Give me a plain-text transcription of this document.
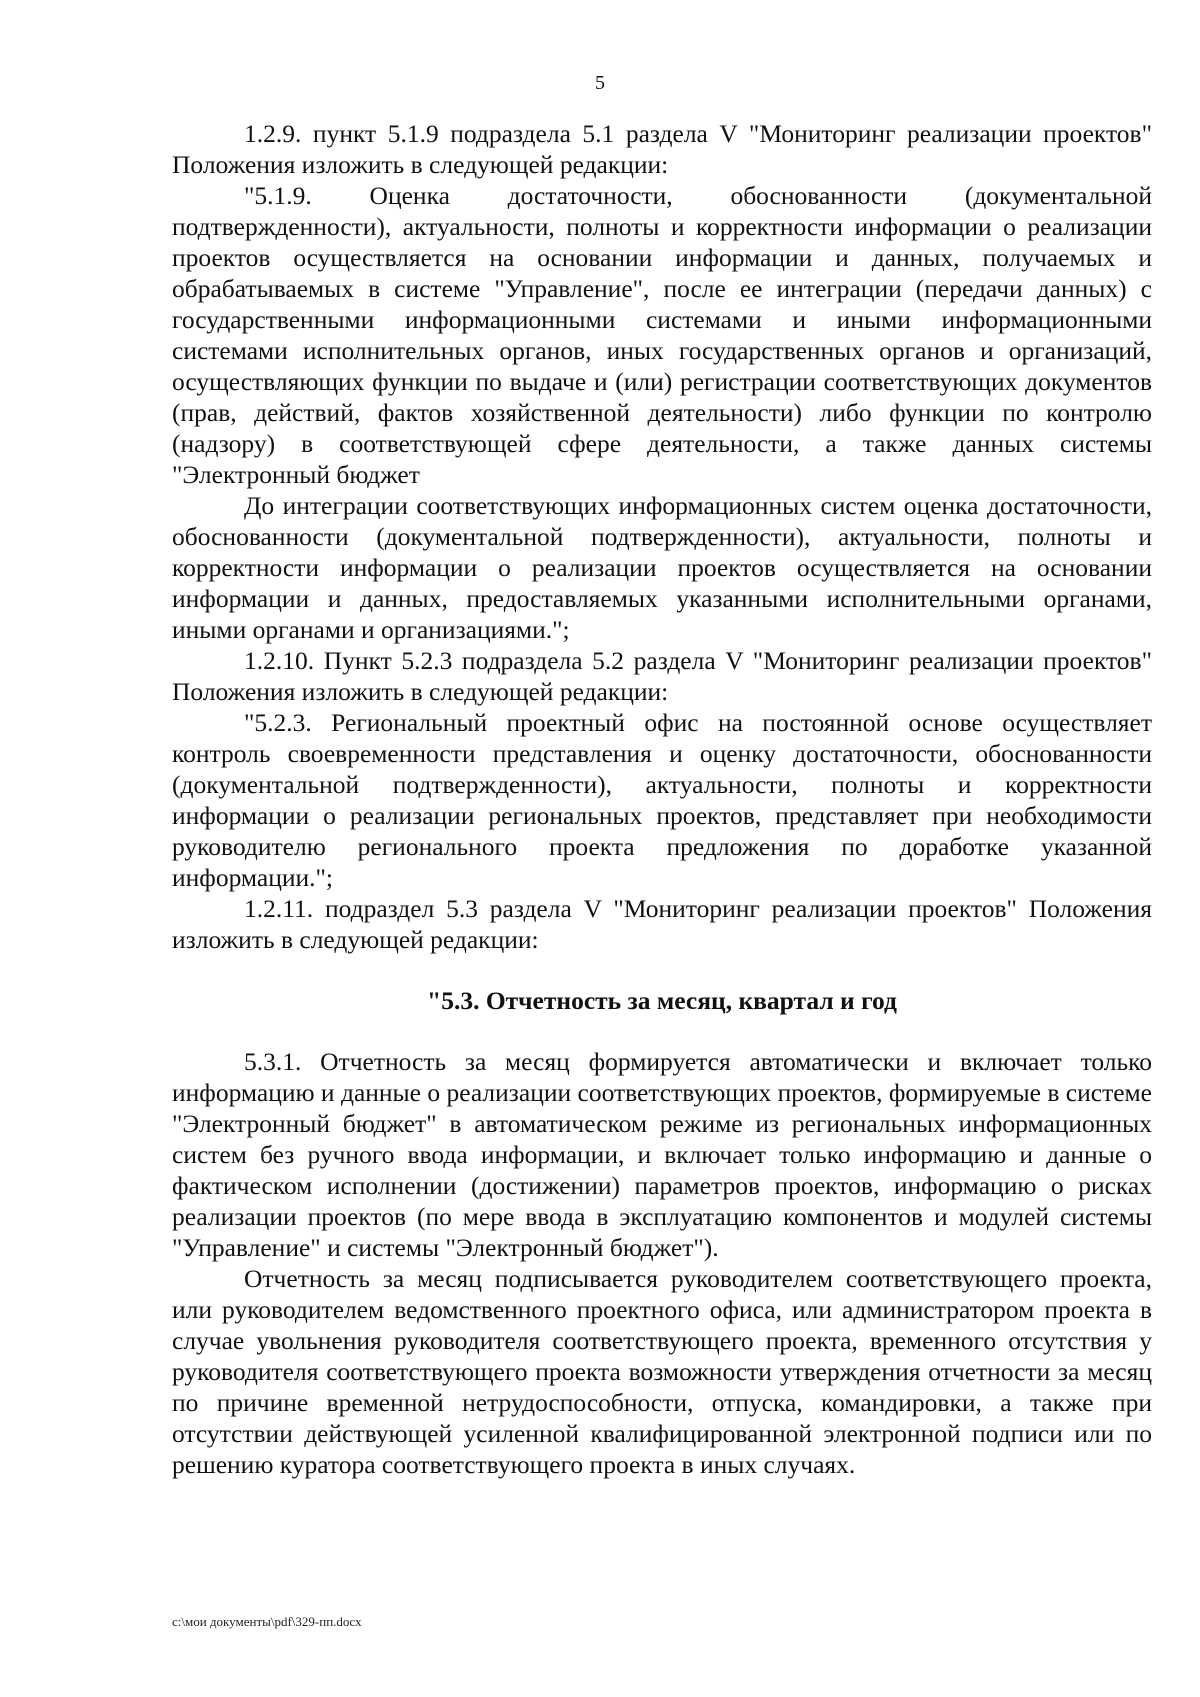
5

1.2.9. пункт 5.1.9 подраздела 5.1 раздела V "Мониторинг реализации проектов" Положения изложить в следующей редакции:

"5.1.9. Оценка достаточности, обоснованности (документальной подтвержденности), актуальности, полноты и корректности информации о реализации проектов осуществляется на основании информации и данных, получаемых и обрабатываемых в системе "Управление", после ее интеграции (передачи данных) с государственными информационными системами и иными информационными системами исполнительных органов, иных государственных органов и организаций, осуществляющих функции по выдаче и (или) регистрации соответствующих документов (прав, действий, фактов хозяйственной деятельности) либо функции по контролю (надзору) в соответствующей сфере деятельности, а также данных системы "Электронный бюджет

До интеграции соответствующих информационных систем оценка достаточности, обоснованности (документальной подтвержденности), актуальности, полноты и корректности информации о реализации проектов осуществляется на основании информации и данных, предоставляемых указанными исполнительными органами, иными органами и организациями.";

1.2.10. Пункт 5.2.3 подраздела 5.2 раздела V "Мониторинг реализации проектов" Положения изложить в следующей редакции:

"5.2.3. Региональный проектный офис на постоянной основе осуществляет контроль своевременности представления и оценку достаточности, обоснованности (документальной подтвержденности), актуальности, полноты и корректности информации о реализации региональных проектов, представляет при необходимости руководителю регионального проекта предложения по доработке указанной информации.";

1.2.11. подраздел 5.3 раздела V "Мониторинг реализации проектов" Положения изложить в следующей редакции:

"5.3. Отчетность за месяц, квартал и год

5.3.1. Отчетность за месяц формируется автоматически и включает только информацию и данные о реализации соответствующих проектов, формируемые в системе "Электронный бюджет" в автоматическом режиме из региональных информационных систем без ручного ввода информации, и включает только информацию и данные о фактическом исполнении (достижении) параметров проектов, информацию о рисках реализации проектов (по мере ввода в эксплуатацию компонентов и модулей системы "Управление" и системы "Электронный бюджет").

Отчетность за месяц подписывается руководителем соответствующего проекта, или руководителем ведомственного проектного офиса, или администратором проекта в случае увольнения руководителя соответствующего проекта, временного отсутствия у руководителя соответствующего проекта возможности утверждения отчетности за месяц по причине временной нетрудоспособности, отпуска, командировки, а также при отсутствии действующей усиленной квалифицированной электронной подписи или по решению куратора соответствующего проекта в иных случаях.

c:\мои документы\pdf\329-пп.docx
